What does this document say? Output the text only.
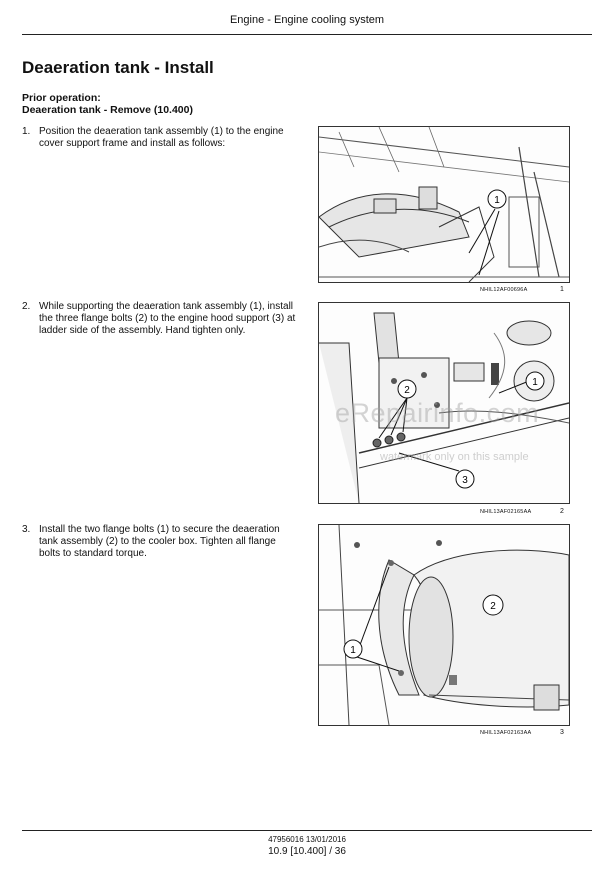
Engine - Engine cooling system
Deaeration tank - Install
Prior operation:
Deaeration tank - Remove (10.400)
1. Position the deaeration tank assembly (1) to the engine cover support frame and install as follows:
2. While supporting the deaeration tank assembly (1), install the three flange bolts (2) to the engine hood support (3) at ladder side of the assembly. Hand tighten only.
3. Install the two flange bolts (1) to secure the deaeration tank assembly (2) to the cooler box. Tighten all flange bolts to standard torque.
1
NHIL12AF00696A	1
2
1
3
NHIL13AF02165AA	2
1
2
NHIL13AF02163AA	3
eRepairinfo.com
watermark only on this sample
47956016 13/01/2016
10.9 [10.400] / 36
